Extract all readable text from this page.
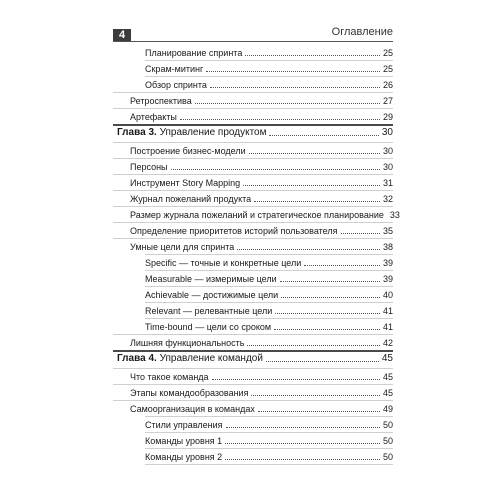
4	Оглавление
Планирование спринта	25
Скрам-митинг	25
Обзор спринта	26
Ретроспектива	27
Артефакты	29
Глава 3. Управление продуктом	30
Построение бизнес-модели	30
Персоны	30
Инструмент Story Mapping	31
Журнал пожеланий продукта	32
Размер журнала пожеланий и стратегическое планирование 33
Определение приоритетов историй пользователя	35
Умные цели для спринта	38
Specific — точные и конкретные цели	39
Measurable — измеримые цели	39
Achievable — достижимые цели	40
Relevant — релевантные цели	41
Time-bound — цели со сроком	41
Лишняя функциональность	42
Глава 4. Управление командой	45
Что такое команда	45
Этапы командообразования	45
Самоорганизация в командах	49
Стили управления	50
Команды уровня 1	50
Команды уровня 2	50
